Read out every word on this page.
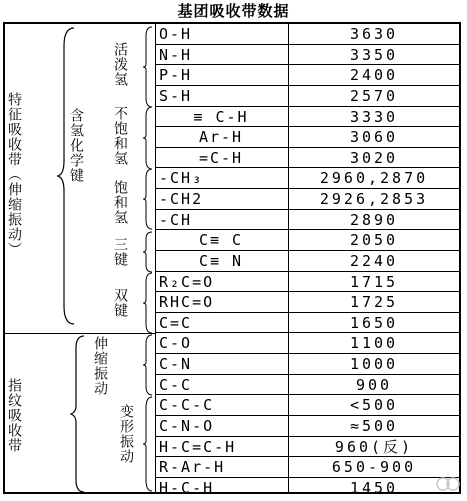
基团吸收带数据
特征吸收带（伸缩振动）
指纹吸收带
含氢化学键
活泼氢
不饱和氢
饱和氢
三键
双键
伸缩振动
变形振动
O-H	3630
N-H	3350
P-H	2400
S-H	2570
≡ C-H	3330
Ar-H	3060
=C-H	3020
-CH₃	2960,2870
-CH2	2926,2853
-CH	2890
C≡ C	2050
C≡ N	2240
R₂C=O	1715
RHC=O	1725
C=C	1650
C-O	1100
C-N	1000
C-C	900
C-C-C	<500
C-N-O	≈500
H-C=C-H	960(反)
R-Ar-H	650-900
H-C-H	1450
